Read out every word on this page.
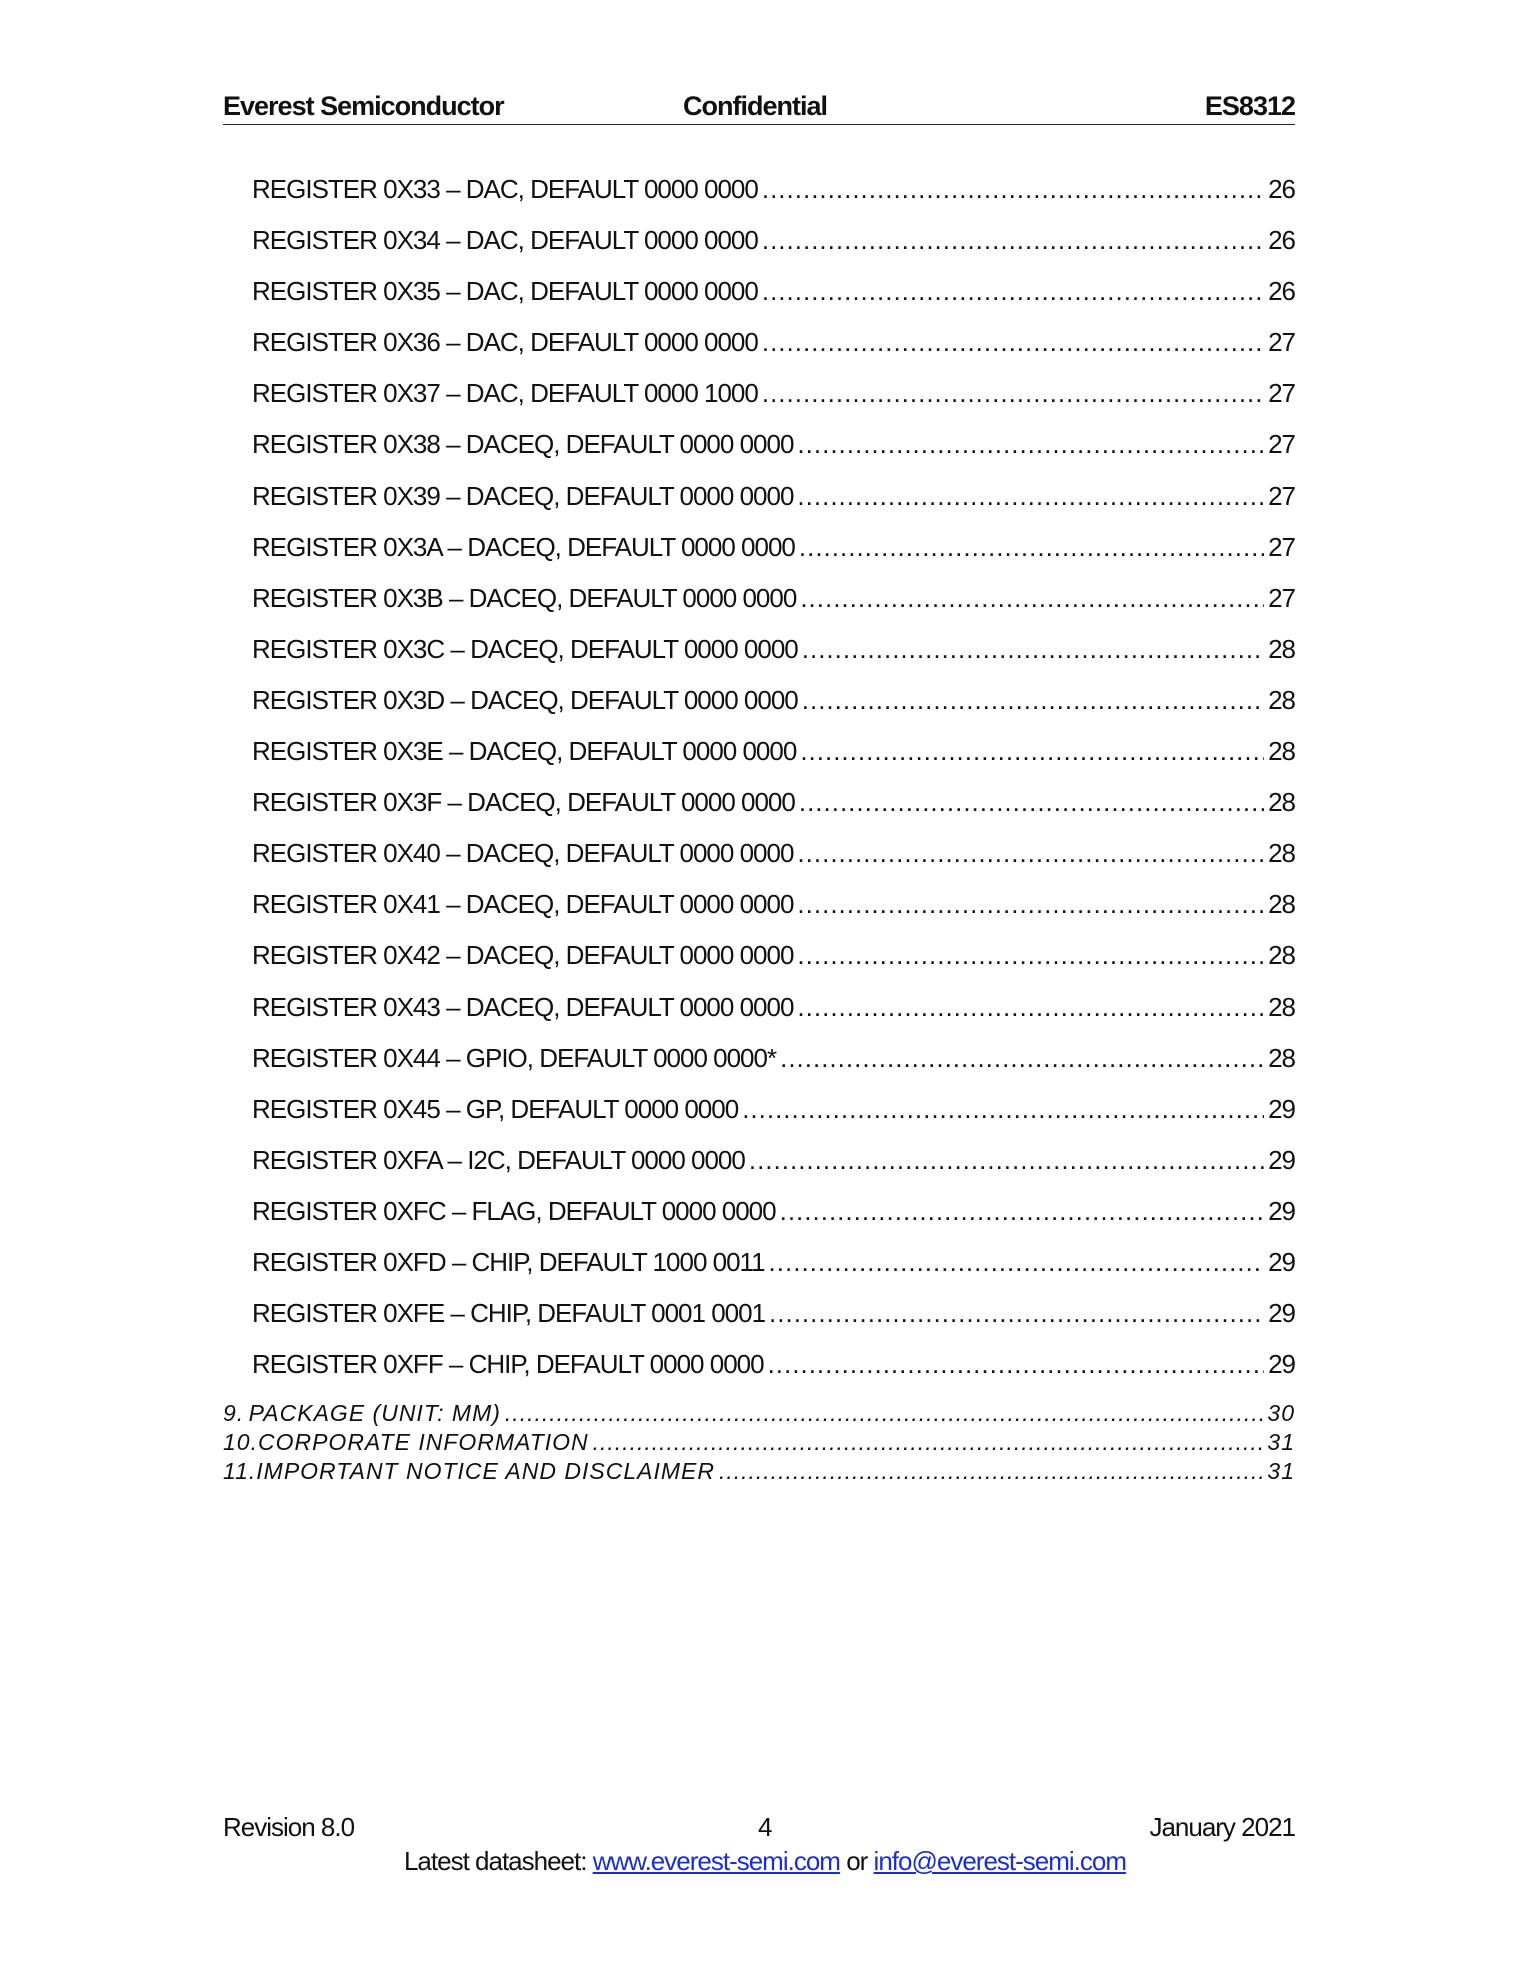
Everest Semiconductor	Confidential	ES8312
REGISTER 0X33 – DAC, DEFAULT 0000 0000 .....	26
REGISTER 0X34 – DAC, DEFAULT 0000 0000 .....	26
REGISTER 0X35 – DAC, DEFAULT 0000 0000 .....	26
REGISTER 0X36 – DAC, DEFAULT 0000 0000 .....	27
REGISTER 0X37 – DAC, DEFAULT 0000 1000 .....	27
REGISTER 0X38 – DACEQ, DEFAULT 0000 0000 .....	27
REGISTER 0X39 – DACEQ, DEFAULT 0000 0000 .....	27
REGISTER 0X3A – DACEQ, DEFAULT 0000 0000 .....	27
REGISTER 0X3B – DACEQ, DEFAULT 0000 0000 .....	27
REGISTER 0X3C – DACEQ, DEFAULT 0000 0000 .....	28
REGISTER 0X3D – DACEQ, DEFAULT 0000 0000 .....	28
REGISTER 0X3E – DACEQ, DEFAULT 0000 0000 .....	28
REGISTER 0X3F – DACEQ, DEFAULT 0000 0000 .....	28
REGISTER 0X40 – DACEQ, DEFAULT 0000 0000 .....	28
REGISTER 0X41 – DACEQ, DEFAULT 0000 0000 .....	28
REGISTER 0X42 – DACEQ, DEFAULT 0000 0000 .....	28
REGISTER 0X43 – DACEQ, DEFAULT 0000 0000 .....	28
REGISTER 0X44 – GPIO, DEFAULT 0000 0000* .....	28
REGISTER 0X45 – GP, DEFAULT 0000 0000 .....	29
REGISTER 0XFA – I2C, DEFAULT 0000 0000 .....	29
REGISTER 0XFC – FLAG, DEFAULT 0000 0000 .....	29
REGISTER 0XFD – CHIP, DEFAULT 1000 0011 .....	29
REGISTER 0XFE – CHIP, DEFAULT 0001 0001 .....	29
REGISTER 0XFF – CHIP, DEFAULT 0000 0000 .....	29
9. PACKAGE (UNIT: MM) .....	30
10. CORPORATE INFORMATION .....	31
11. IMPORTANT NOTICE AND DISCLAIMER .....	31
Revision 8.0	4	January 2021
Latest datasheet: www.everest-semi.com or info@everest-semi.com
